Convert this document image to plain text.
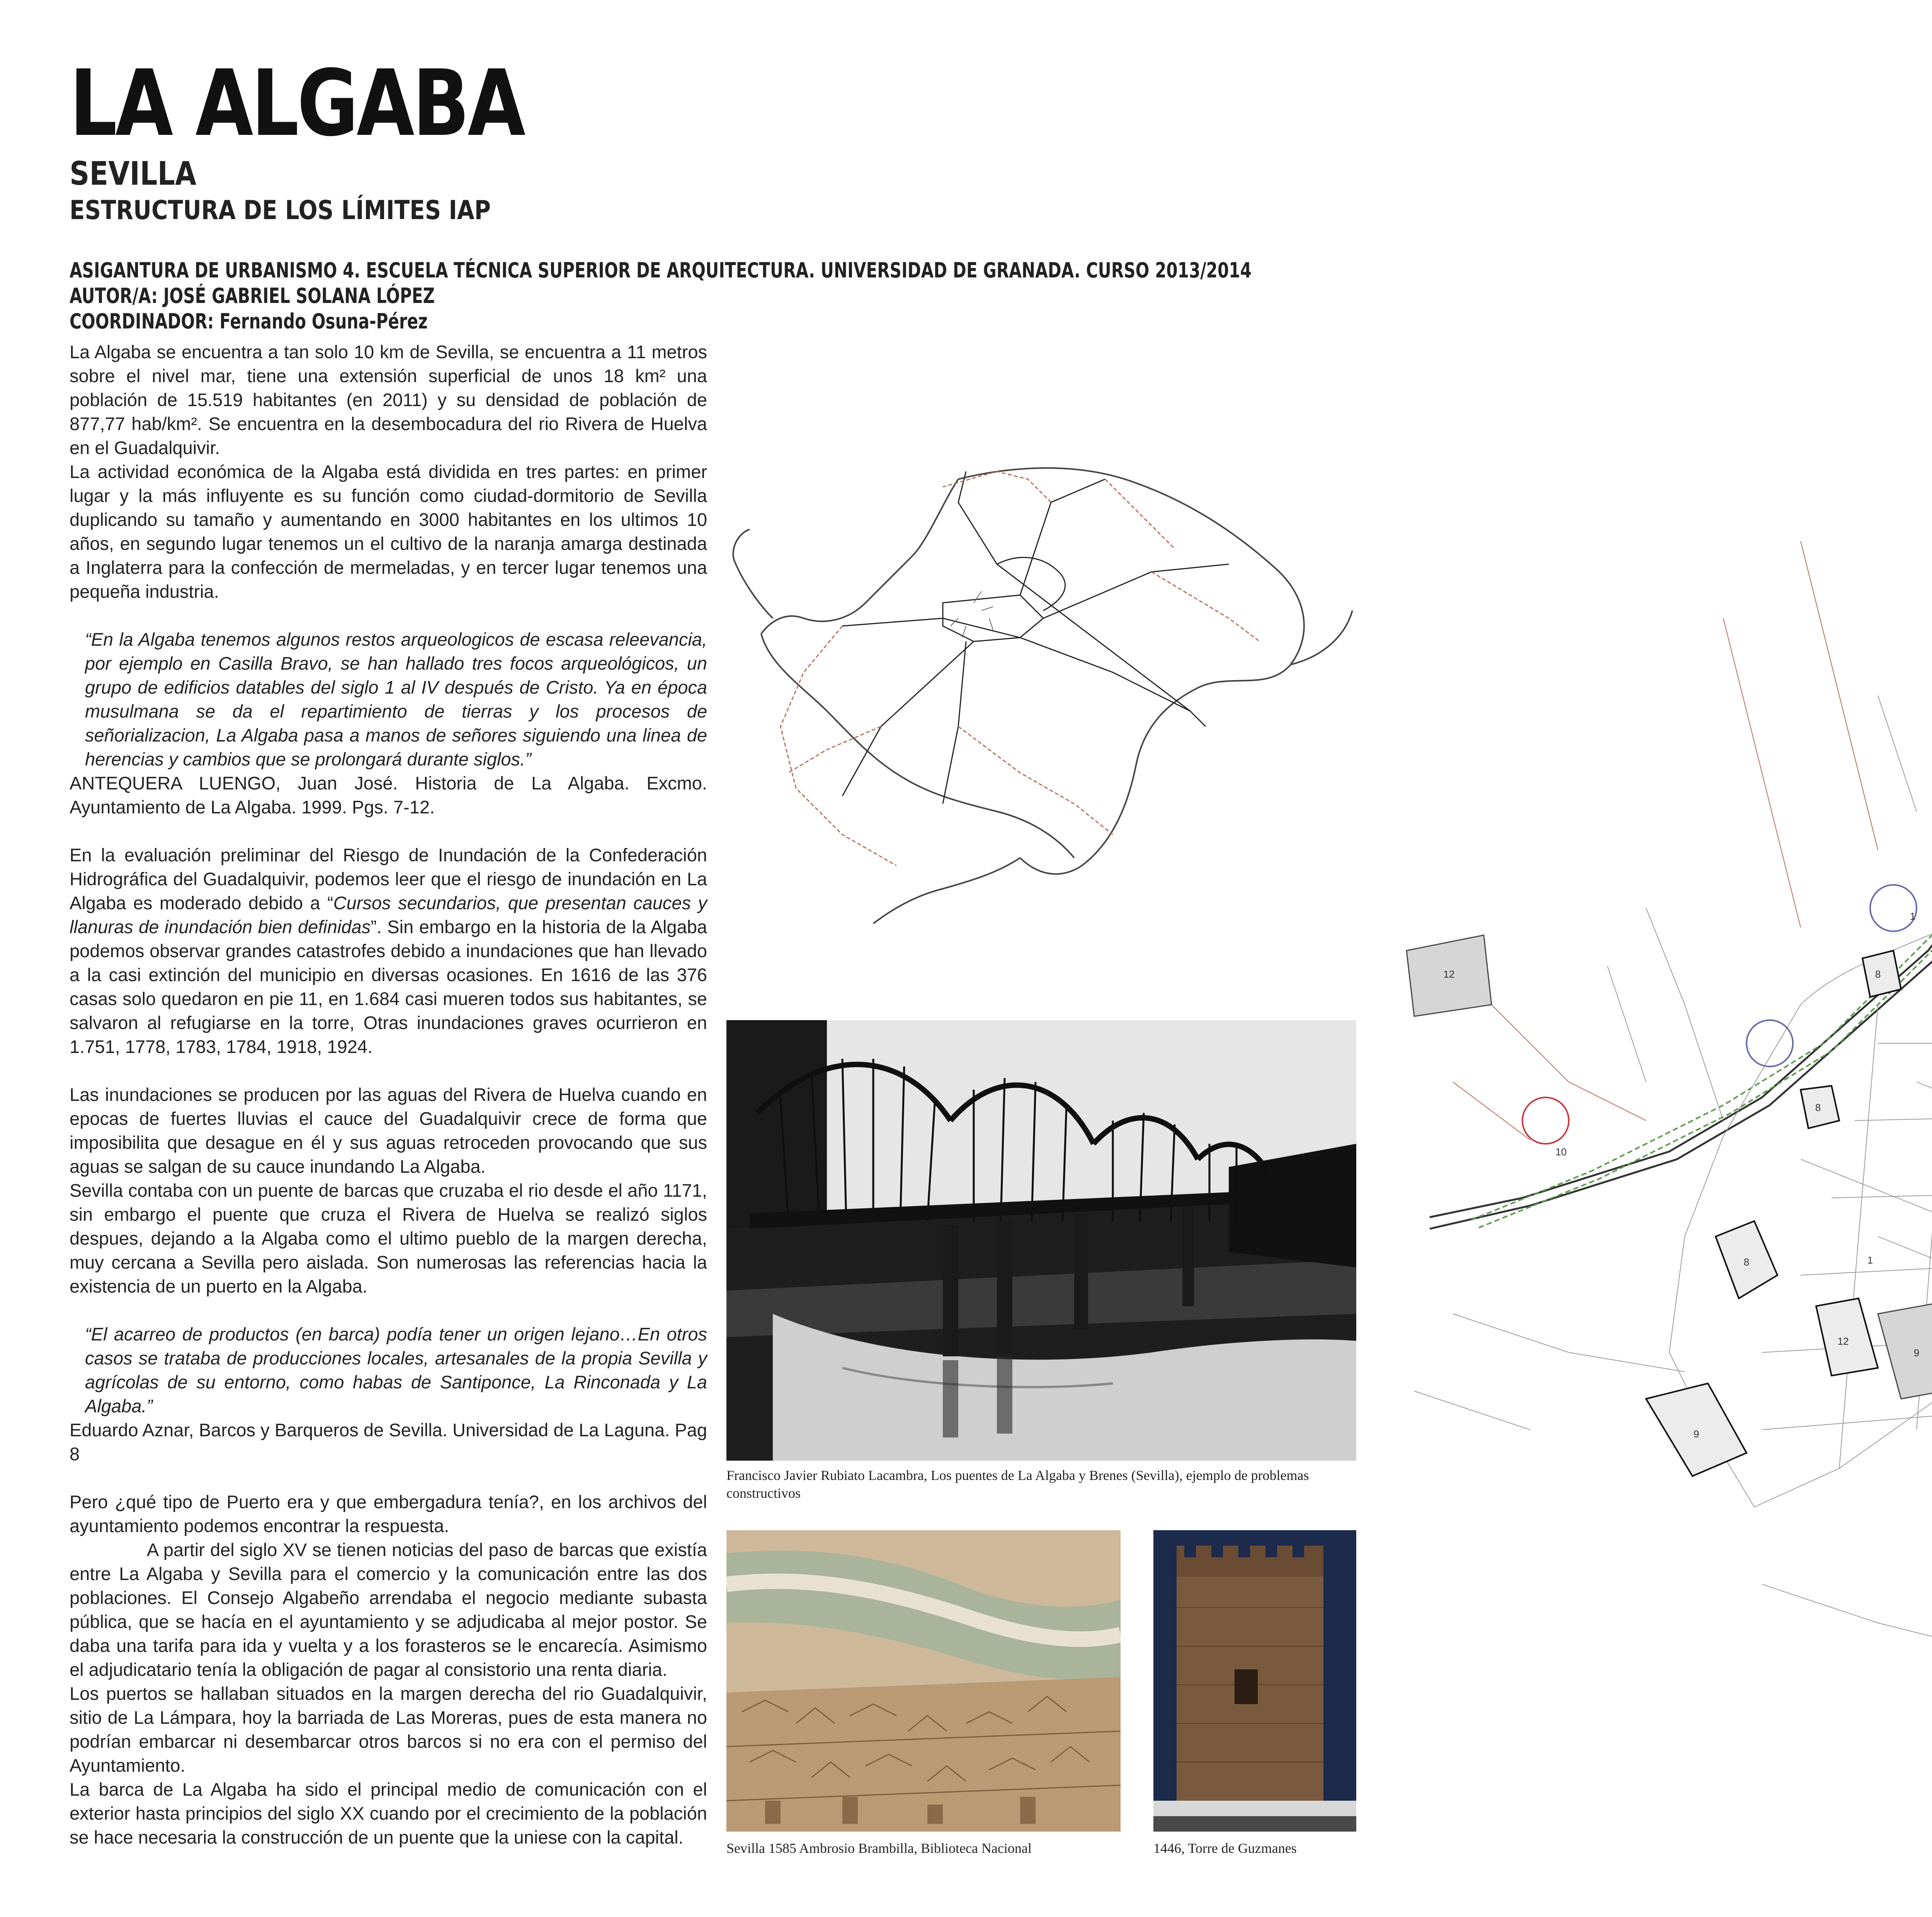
LA ALGABA
SEVILLA
ESTRUCTURA DE LOS LÍMITES IAP
ASIGANTURA DE URBANISMO 4. ESCUELA TÉCNICA SUPERIOR DE ARQUITECTURA. UNIVERSIDAD DE GRANADA. CURSO 2013/2014
AUTOR/A: JOSÉ GABRIEL SOLANA LÓPEZ
COORDINADOR: Fernando Osuna-Pérez

La Algaba se encuentra a tan solo 10 km de Sevilla, se encuentra a 11 metros sobre el nivel mar, tiene una extensión superficial de unos 18 km² una población de 15.519 habitantes (en 2011) y su densidad de población de 877,77 hab/km². Se encuentra en la desembocadura del rio Rivera de Huelva en el Guadalquivir.

La actividad económica de la Algaba está dividida en tres partes: en primer lugar y la más influyente es su función como ciudad-dormitorio de Sevilla duplicando su tamaño y aumentando en 3000 habitantes en los ultimos 10 años, en segundo lugar tenemos un el cultivo de la naranja amarga destinada a Inglaterra para la confección de mermeladas, y en tercer lugar tenemos una pequeña industria.

“En la Algaba tenemos algunos restos arqueologicos de escasa releevancia, por ejemplo en Casilla Bravo, se han hallado tres focos arqueológicos, un grupo de edificios datables del siglo 1 al IV después de Cristo. Ya en época musulmana se da el repartimiento de tierras y los procesos de señorializacion, La Algaba pasa a manos de señores siguiendo una linea de herencias y cambios que se prolongará durante siglos.”

ANTEQUERA LUENGO, Juan José. Historia de La Algaba. Excmo. Ayuntamiento de La Algaba. 1999. Pgs. 7-12.

En la evaluación preliminar del Riesgo de Inundación de la Confederación Hidrográfica del Guadalquivir, podemos leer que el riesgo de inundación en La Algaba es moderado debido a “Cursos secundarios, que presentan cauces y llanuras de inundación bien definidas”. Sin embargo en la historia de la Algaba podemos observar grandes catastrofes debido a inundaciones que han llevado a la casi extinción del municipio en diversas ocasiones. En 1616 de las 376 casas solo quedaron en pie 11, en 1.684 casi mueren todos sus habitantes, se salvaron al refugiarse en la torre, Otras inundaciones graves ocurrieron en 1.751, 1778, 1783, 1784, 1918, 1924.

Las inundaciones se producen por las aguas del Rivera de Huelva cuando en epocas de fuertes lluvias el cauce del Guadalquivir crece de forma que imposibilita que desague en él y sus aguas retroceden provocando que sus aguas se salgan de su cauce inundando La Algaba.

Sevilla contaba con un puente de barcas que cruzaba el rio desde el año 1171, sin embargo el puente que cruza el Rivera de Huelva se realizó siglos despues, dejando a la Algaba como el ultimo pueblo de la margen derecha, muy cercana a Sevilla pero aislada. Son numerosas las referencias hacia la existencia de un puerto en la Algaba.

“El acarreo de productos (en barca) podía tener un origen lejano…En otros casos se trataba de producciones locales, artesanales de la propia Sevilla y agrícolas de su entorno, como habas de Santiponce, La Rinconada y La Algaba.”

Eduardo Aznar, Barcos y Barqueros de Sevilla. Universidad de La Laguna. Pag 8

Pero ¿qué tipo de Puerto era y que embergadura tenía?, en los archivos del ayuntamiento podemos encontrar la respuesta.

A partir del siglo XV se tienen noticias del paso de barcas que existía entre La Algaba y Sevilla para el comercio y la comunicación entre las dos poblaciones. El Consejo Algabeño arrendaba el negocio mediante subasta pública, que se hacía en el ayuntamiento y se adjudicaba al mejor postor. Se daba una tarifa para ida y vuelta y a los forasteros se le encarecía. Asimismo el adjudicatario tenía la obligación de pagar al consistorio una renta diaria.

Los puertos se hallaban situados en la margen derecha del rio Guadalquivir, sitio de La Lámpara, hoy la barriada de Las Moreras, pues de esta manera no podrían embarcar ni desembarcar otros barcos si no era con el permiso del Ayuntamiento.

La barca de La Algaba ha sido el principal medio de comunicación con el exterior hasta principios del siglo XX cuando por el crecimiento de la población se hace necesaria la construcción de un puente que la uniese con la capital.

Francisco Javier Rubiato Lacambra, Los puentes de La Algaba y Brenes (Sevilla), ejemplo de problemas constructivos
Sevilla 1585 Ambrosio Brambilla, Biblioteca Nacional	1446, Torre de Guzmanes
8
8
1
8
12
9
9
12
10
1
